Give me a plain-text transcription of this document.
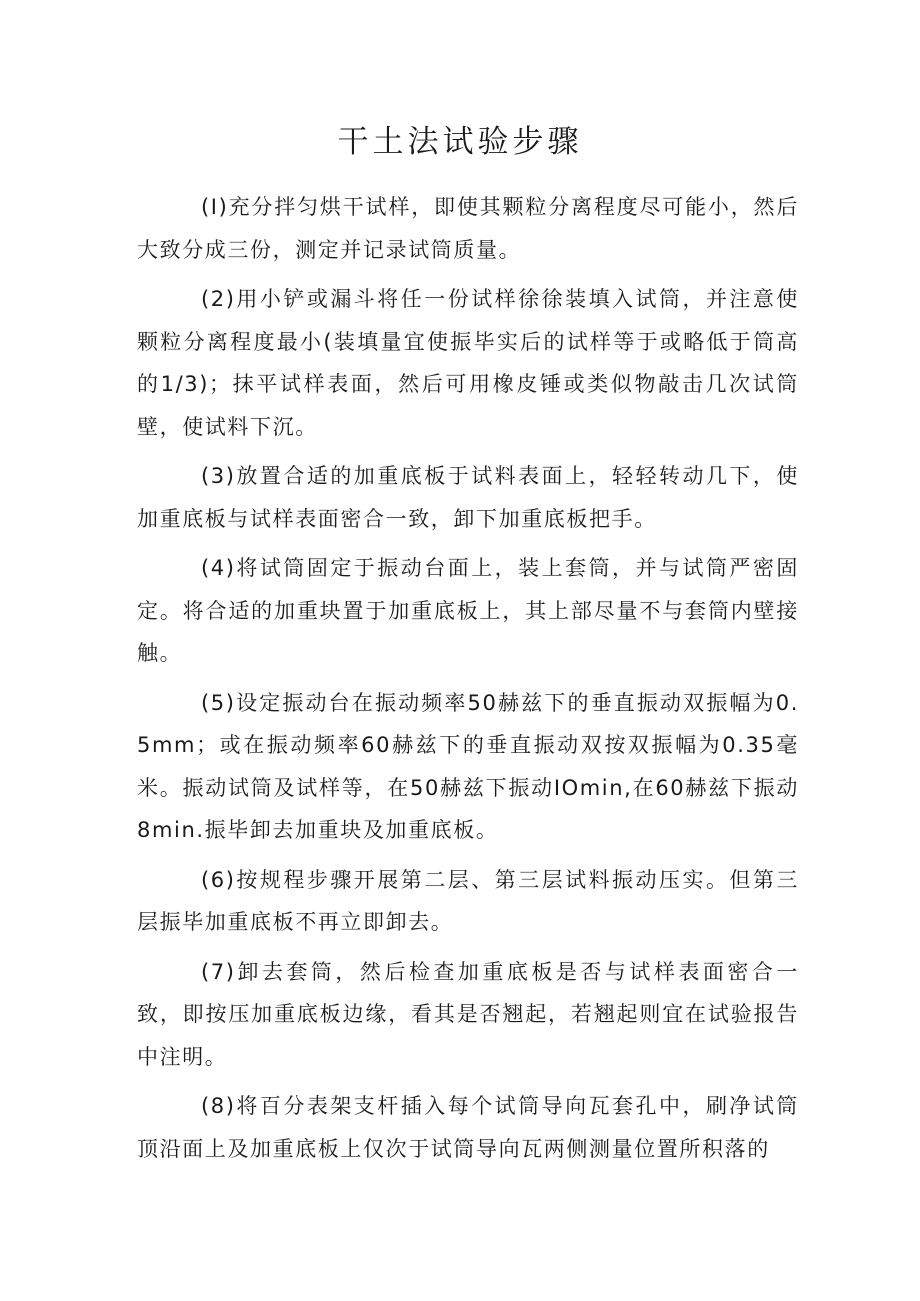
干土法试验步骤

(I)充分拌匀烘干试样，即使其颗粒分离程度尽可能小，然后大致分成三份，测定并记录试筒质量。

(2)用小铲或漏斗将任一份试样徐徐装填入试筒，并注意使颗粒分离程度最小(装填量宜使振毕实后的试样等于或略低于筒高的1/3)；抹平试样表面，然后可用橡皮锤或类似物敲击几次试筒壁，使试料下沉。

(3)放置合适的加重底板于试料表面上，轻轻转动几下，使加重底板与试样表面密合一致，卸下加重底板把手。

(4)将试筒固定于振动台面上，装上套筒，并与试筒严密固定。将合适的加重块置于加重底板上，其上部尽量不与套筒内壁接触。

(5)设定振动台在振动频率50赫兹下的垂直振动双振幅为0.5mm；或在振动频率60赫兹下的垂直振动双按双振幅为0.35毫米。振动试筒及试样等，在50赫兹下振动IOmin,在60赫兹下振动8min.振毕卸去加重块及加重底板。

(6)按规程步骤开展第二层、第三层试料振动压实。但第三层振毕加重底板不再立即卸去。

(7)卸去套筒，然后检查加重底板是否与试样表面密合一致，即按压加重底板边缘，看其是否翘起，若翘起则宜在试验报告中注明。

(8)将百分表架支杆插入每个试筒导向瓦套孔中，刷净试筒顶沿面上及加重底板上仅次于试筒导向瓦两侧测量位置所积落的
